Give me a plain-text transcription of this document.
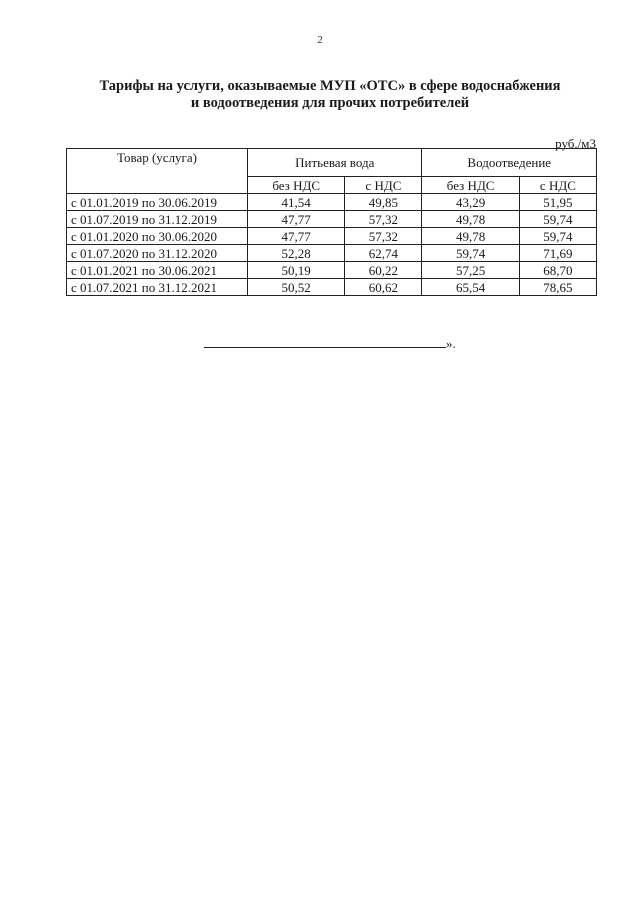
2
Тарифы на услуги, оказываемые МУП «ОТС» в сфере водоснабжения
и водоотведения для прочих потребителей
руб./м3
Товар (услуга)	Питьевая вода		Водоотведение	
	без НДС	с НДС	без НДС	с НДС
с 01.01.2019 по 30.06.2019	41,54	49,85	43,29	51,95
с 01.07.2019 по 31.12.2019	47,77	57,32	49,78	59,74
с 01.01.2020 по 30.06.2020	47,77	57,32	49,78	59,74
с 01.07.2020 по 31.12.2020	52,28	62,74	59,74	71,69
с 01.01.2021 по 30.06.2021	50,19	60,22	57,25	68,70
с 01.07.2021 по 31.12.2021	50,52	60,62	65,54	78,65
».
